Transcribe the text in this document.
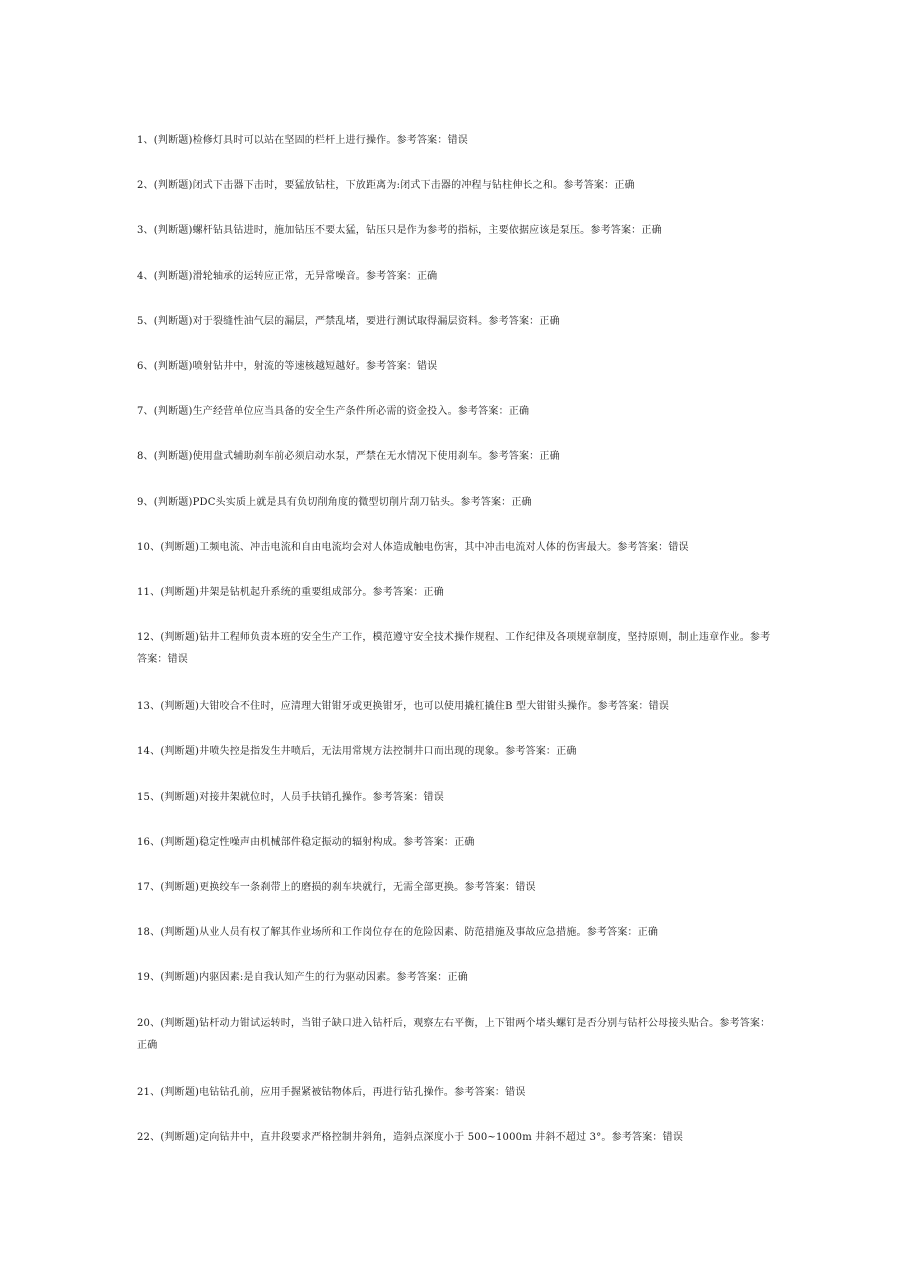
1、(判断题)检修灯具时可以站在坚固的栏杆上进行操作。参考答案：错误

2、(判断题)闭式下击器下击时，要猛放钻柱，下放距离为:闭式下击器的冲程与钻柱伸长之和。参考答案：正确

3、(判断题)螺杆钻具钻进时，施加钻压不要太猛，钻压只是作为参考的指标，主要依据应该是泵压。参考答案：正确

4、(判断题)滑轮轴承的运转应正常，无异常噪音。参考答案：正确

5、(判断题)对于裂缝性油气层的漏层，严禁乱堵，要进行测试取得漏层资料。参考答案：正确

6、(判断题)喷射钻井中，射流的等速核越短越好。参考答案：错误

7、(判断题)生产经营单位应当具备的安全生产条件所必需的资金投入。参考答案：正确

8、(判断题)使用盘式辅助刹车前必须启动水泵，严禁在无水情况下使用刹车。参考答案：正确

9、(判断题)PDC头实质上就是具有负切削角度的微型切削片刮刀钻头。参考答案：正确

10、(判断题)工频电流、冲击电流和自由电流均会对人体造成触电伤害，其中冲击电流对人体的伤害最大。参考答案：错误

11、(判断题)井架是钻机起升系统的重要组成部分。参考答案：正确

12、(判断题)钻井工程师负责本班的安全生产工作，模范遵守安全技术操作规程、工作纪律及各项规章制度，坚持原则，制止违章作业。参考答案：错误

13、(判断题)大钳咬合不住时，应清理大钳钳牙或更换钳牙，也可以使用撬杠撬住B 型大钳钳头操作。参考答案：错误

14、(判断题)井喷失控是指发生井喷后，无法用常规方法控制井口而出现的现象。参考答案：正确

15、(判断题)对接井架就位时，人员手扶销孔操作。参考答案：错误

16、(判断题)稳定性噪声由机械部件稳定振动的辐射构成。参考答案：正确

17、(判断题)更换绞车一条刹带上的磨损的刹车块就行，无需全部更换。参考答案：错误

18、(判断题)从业人员有权了解其作业场所和工作岗位存在的危险因素、防范措施及事故应急措施。参考答案：正确

19、(判断题)内驱因素:是自我认知产生的行为驱动因素。参考答案：正确

20、(判断题)钻杆动力钳试运转时，当钳子缺口进入钻杆后，观察左右平衡，上下钳两个堵头螺钉是否分别与钻杆公母接头贴合。参考答案：正确

21、(判断题)电钻钻孔前，应用手握紧被钻物体后，再进行钻孔操作。参考答案：错误

22、(判断题)定向钻井中，直井段要求严格控制井斜角，造斜点深度小于 500~1000m 井斜不超过 3°。参考答案：错误
